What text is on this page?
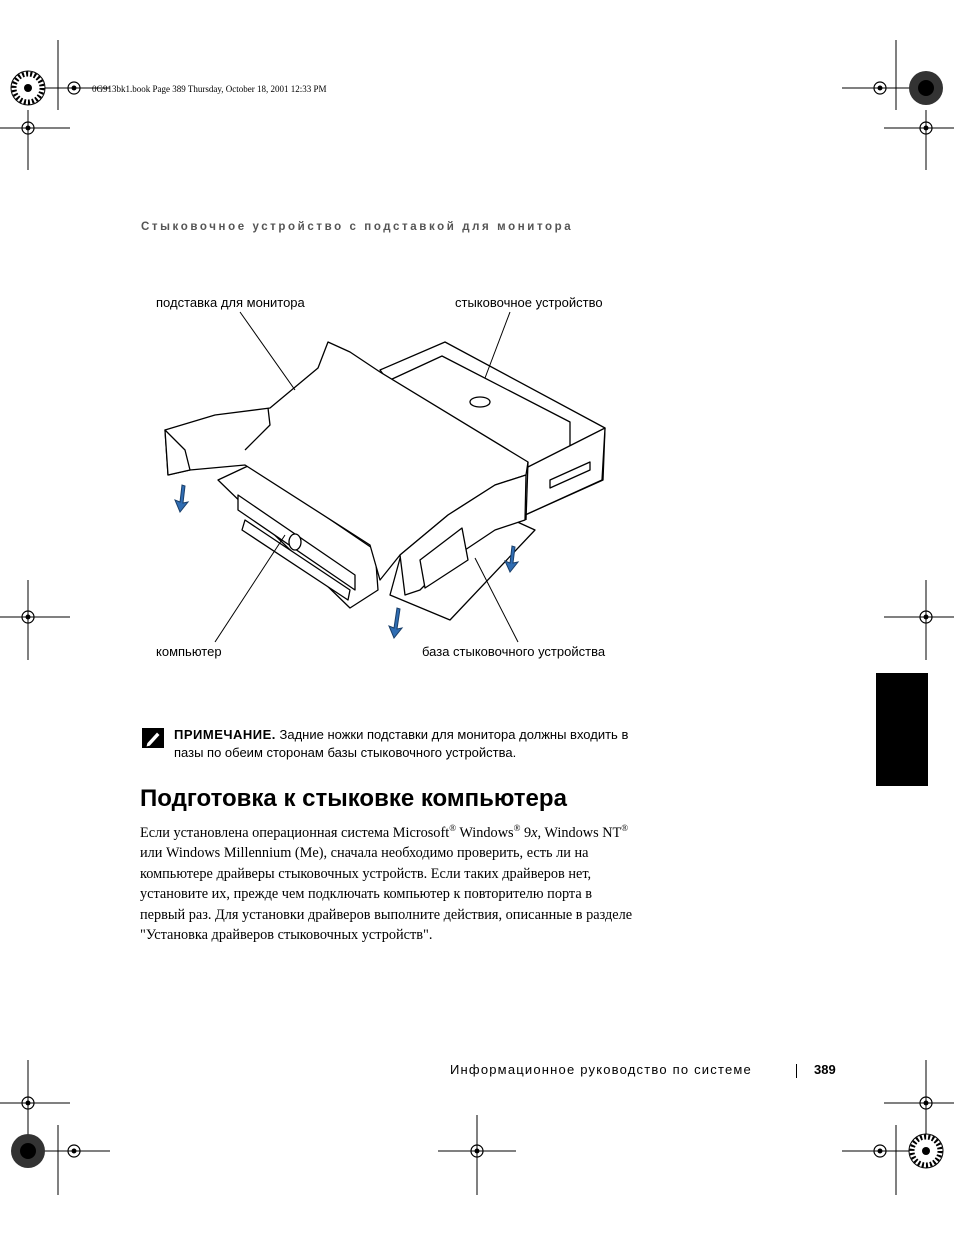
0G913bk1.book Page 389 Thursday, October 18, 2001 12:33 PM
Стыковочное устройство с подставкой для монитора
подставка для монитора	стыковочное устройство
компьютер	база стыковочного устройства
ПРИМЕЧАНИЕ. Задние ножки подставки для монитора должны входить в пазы по обеим сторонам базы стыковочного устройства.
Подготовка к стыковке компьютера
Если установлена операционная система Microsoft® Windows® 9x, Windows NT® или Windows Millennium (Me), сначала необходимо проверить, есть ли на компьютере драйверы стыковочных устройств. Если таких драйверов нет, установите их, прежде чем подключать компьютер к повторителю порта в первый раз. Для установки драйверов выполните действия, описанные в разделе "Установка драйверов стыковочных устройств".
Информационное руководство по системе	389
